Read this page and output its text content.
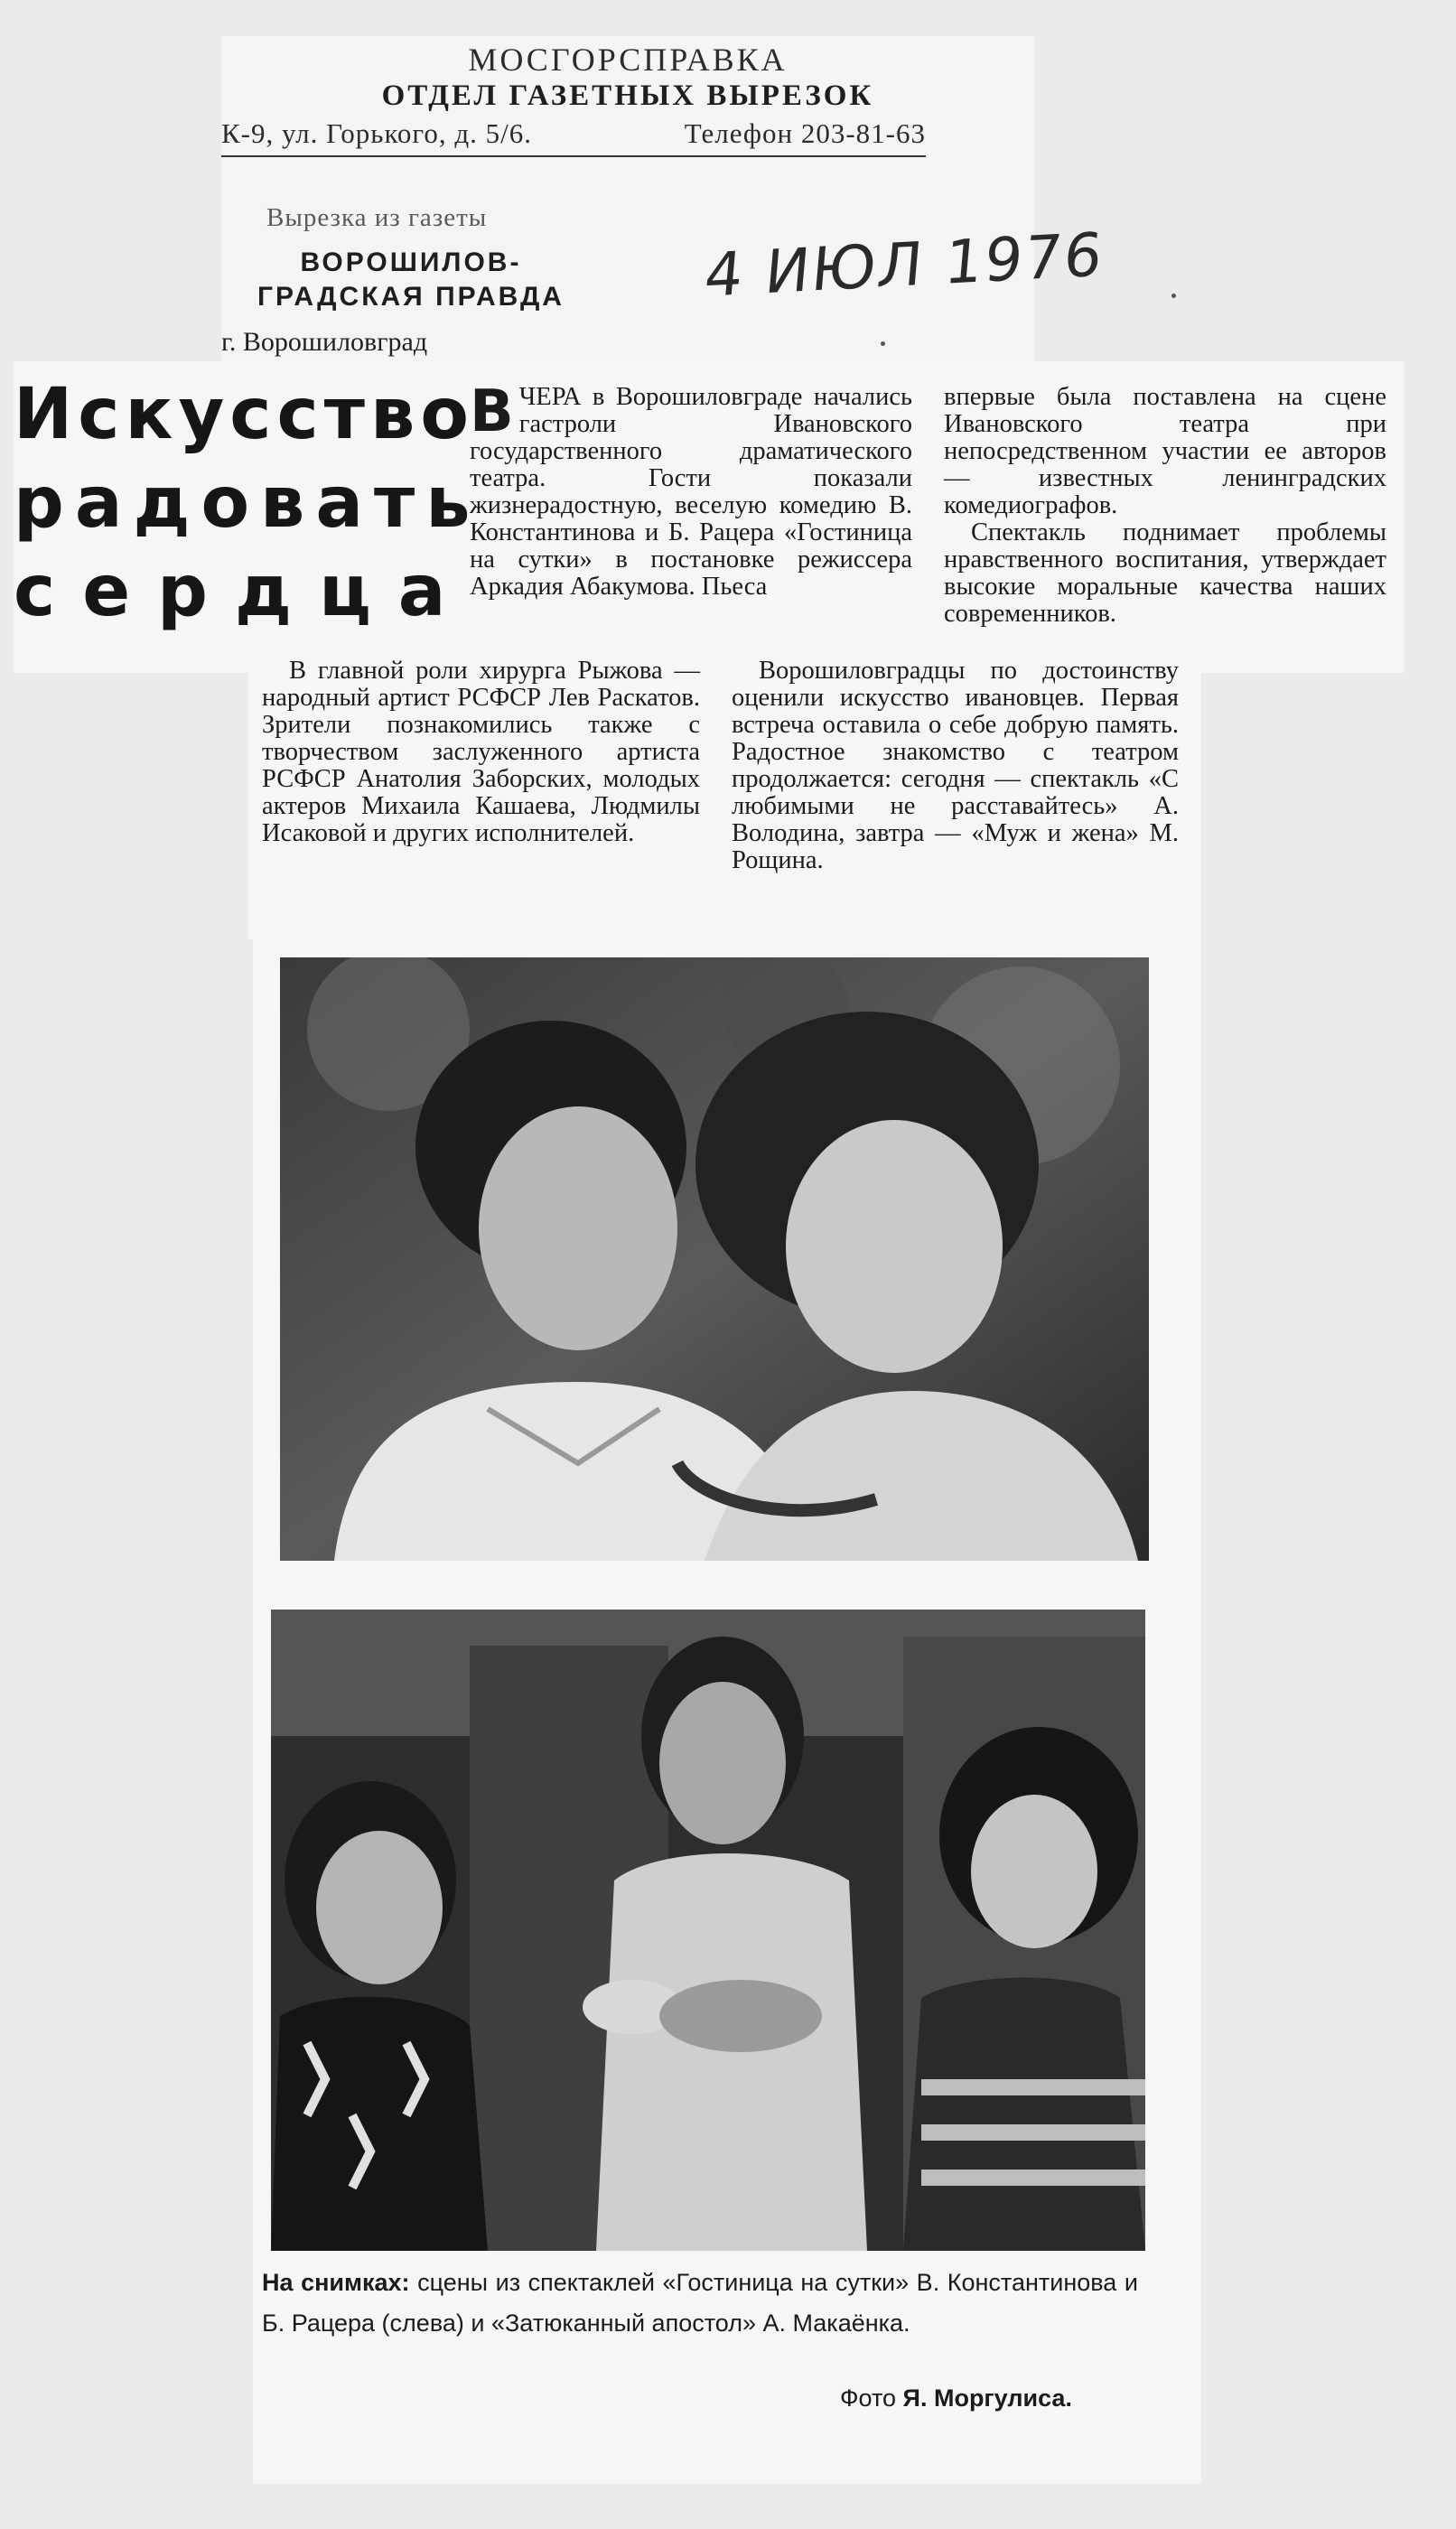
МОСГОРСПРАВКА
ОТДЕЛ ГАЗЕТНЫХ ВЫРЕЗОК
К-9, ул. Горького, д. 5/6.	Телефон 203-81-63
Вырезка из газеты
ВОРОШИЛОВ-
ГРАДСКАЯ ПРАВДА
г. Ворошиловград
4 ИЮЛ 1976
Искусство
радовать
сердца
ВЧЕРА в Ворошиловграде начались гастроли Ивановского государственного драматического театра. Гости показали жизнерадостную, веселую комедию В. Константинова и Б. Рацера «Гостиница на сутки» в постановке режиссера Аркадия Абакумова. Пьеса
впервые была поставлена на сцене Ивановского театра при непосредственном участии ее авторов — известных ленинградских комедиографов.
Спектакль поднимает проблемы нравственного воспитания, утверждает высокие моральные качества наших современников.
В главной роли хирурга Рыжова — народный артист РСФСР Лев Раскатов. Зрители познакомились также с творчеством заслуженного артиста РСФСР Анатолия Заборских, молодых актеров Михаила Кашаева, Людмилы Исаковой и других исполнителей.
Ворошиловградцы по достоинству оценили искусство ивановцев. Первая встреча оставила о себе добрую память. Радостное знакомство с театром продолжается: сегодня — спектакль «С любимыми не расставайтесь» А. Володина, завтра — «Муж и жена» М. Рощина.
На снимках: сцены из спектаклей «Гостиница на сутки» В. Константинова и Б. Рацера (слева) и «Затюканный апостол» А. Макаёнка.
Фото Я. Моргулиса.
